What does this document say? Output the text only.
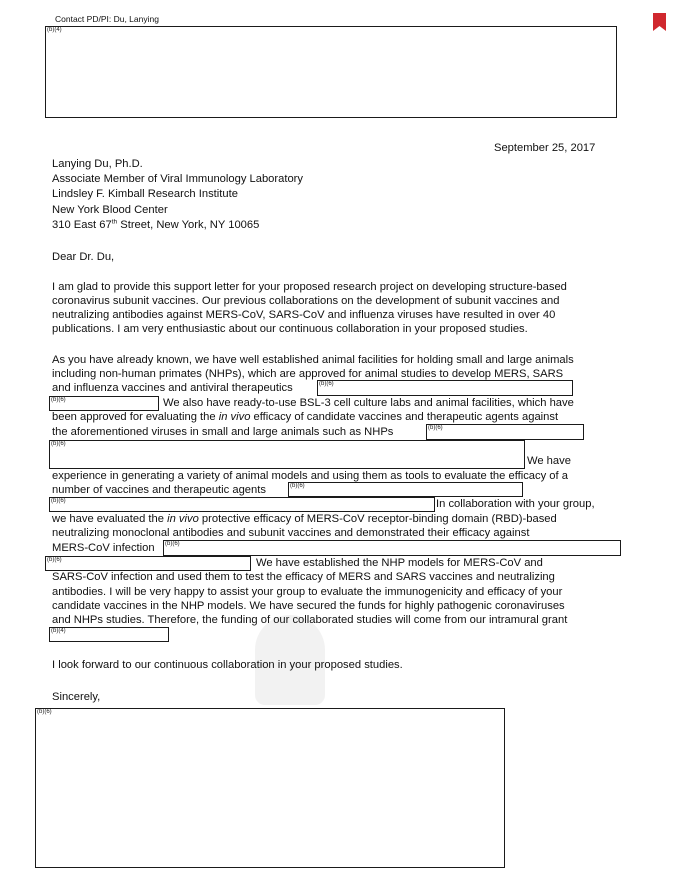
Contact PD/PI: Du, Lanying
(b)(4)
September 25, 2017
Lanying Du, Ph.D.
Associate Member of Viral Immunology Laboratory
Lindsley F. Kimball Research Institute
New York Blood Center
310 East 67th Street, New York, NY 10065
Dear Dr. Du,
I am glad to provide this support letter for your proposed research project on developing structure-based
coronavirus subunit vaccines. Our previous collaborations on the development of subunit vaccines and
neutralizing antibodies against MERS-CoV, SARS-CoV and influenza viruses have resulted in over 40
publications. I am very enthusiastic about our continuous collaboration in your proposed studies.
As you have already known, we have well established animal facilities for holding small and large animals
including non-human primates (NHPs), which are approved for animal studies to develop MERS, SARS
and influenza vaccines and antiviral therapeutics	(b)(6)
(b)(6)	We also have ready-to-use BSL-3 cell culture labs and animal facilities, which have
been approved for evaluating the in vivo efficacy of candidate vaccines and therapeutic agents against
the aforementioned viruses in small and large animals such as NHPs	(b)(6)
(b)(6)
We have
experience in generating a variety of animal models and using them as tools to evaluate the efficacy of a
number of vaccines and therapeutic agents	(b)(6)
(b)(6)	In collaboration with your group,
we have evaluated the in vivo protective efficacy of MERS-CoV receptor-binding domain (RBD)-based
neutralizing monoclonal antibodies and subunit vaccines and demonstrated their efficacy against
MERS-CoV infection (b)(6)
(b)(6)	We have established the NHP models for MERS-CoV and
SARS-CoV infection and used them to test the efficacy of MERS and SARS vaccines and neutralizing
antibodies. I will be very happy to assist your group to evaluate the immunogenicity and efficacy of your
candidate vaccines in the NHP models. We have secured the funds for highly pathogenic coronaviruses
and NHPs studies. Therefore, the funding of our collaborated studies will come from our intramural grant
(b)(4)
I look forward to our continuous collaboration in your proposed studies.
Sincerely,
(b)(6)
